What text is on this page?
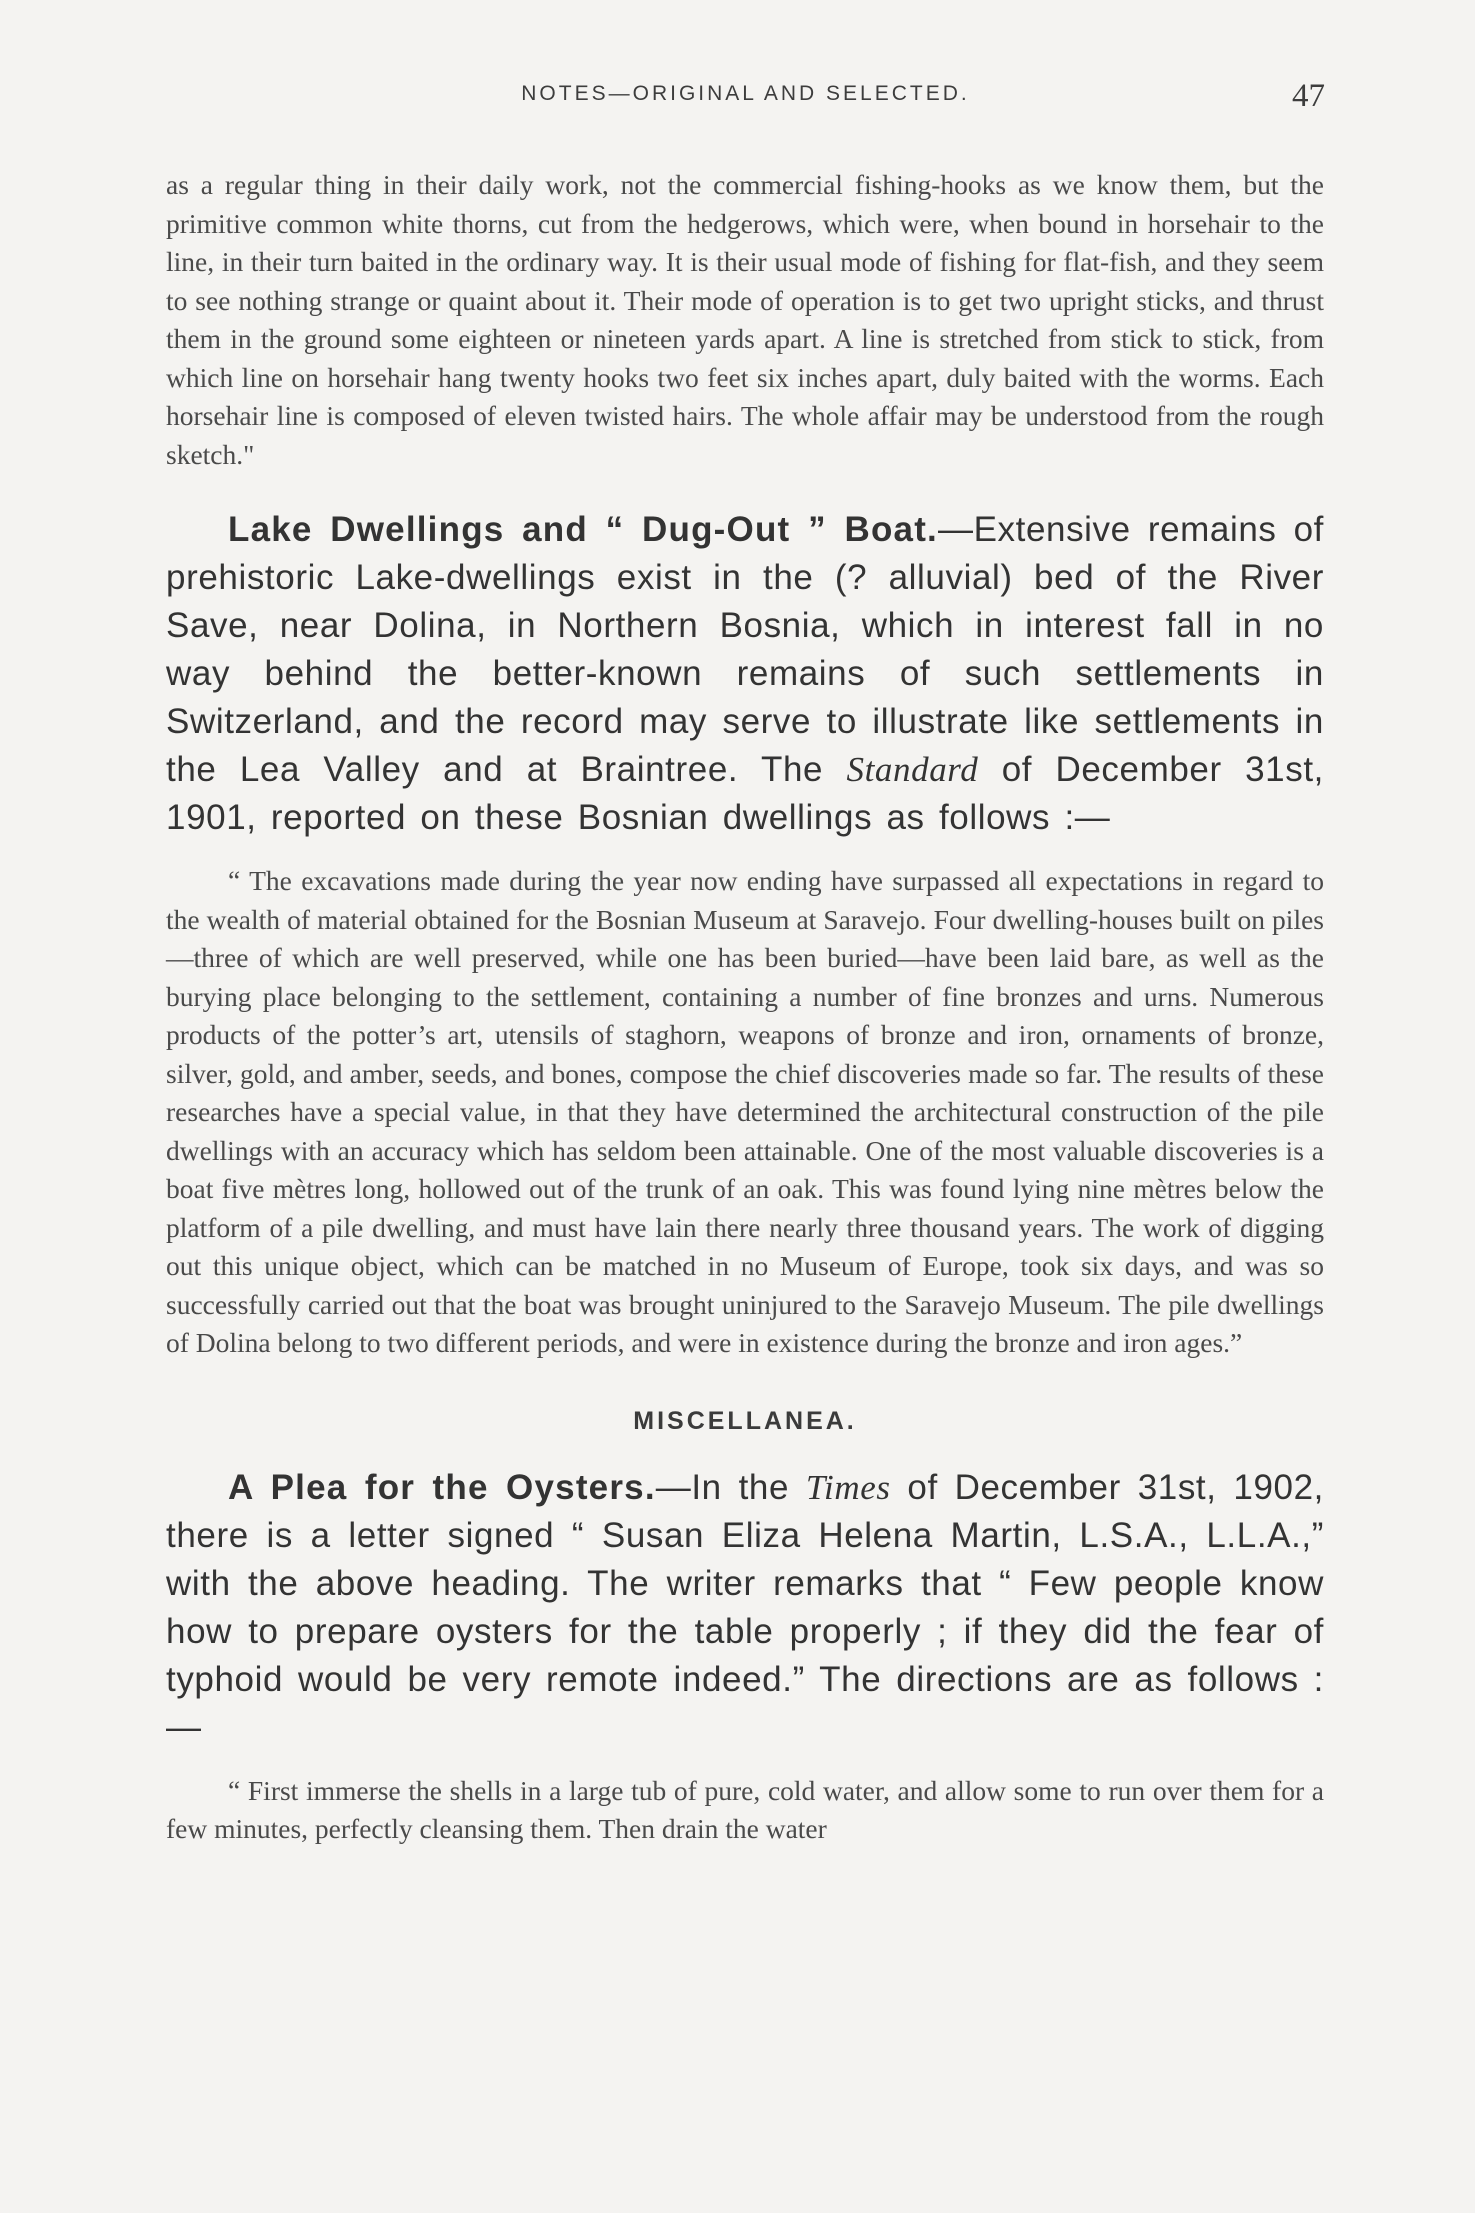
NOTES—ORIGINAL AND SELECTED.	47

as a regular thing in their daily work, not the commercial fishing-hooks as we know them, but the primitive common white thorns, cut from the hedgerows, which were, when bound in horsehair to the line, in their turn baited in the ordinary way. It is their usual mode of fishing for flat-fish, and they seem to see nothing strange or quaint about it. Their mode of operation is to get two upright sticks, and thrust them in the ground some eighteen or nineteen yards apart. A line is stretched from stick to stick, from which line on horsehair hang twenty hooks two feet six inches apart, duly baited with the worms. Each horsehair line is composed of eleven twisted hairs. The whole affair may be understood from the rough sketch."

Lake Dwellings and “ Dug-Out ” Boat.—Extensive remains of prehistoric Lake-dwellings exist in the (? alluvial) bed of the River Save, near Dolina, in Northern Bosnia, which in interest fall in no way behind the better-known remains of such settlements in Switzerland, and the record may serve to illustrate like settlements in the Lea Valley and at Braintree. The Standard of December 31st, 1901, reported on these Bosnian dwellings as follows :—

“ The excavations made during the year now ending have surpassed all expectations in regard to the wealth of material obtained for the Bosnian Museum at Saravejo. Four dwelling-houses built on piles—three of which are well preserved, while one has been buried—have been laid bare, as well as the burying place belonging to the settlement, containing a number of fine bronzes and urns. Numerous products of the potter’s art, utensils of staghorn, weapons of bronze and iron, ornaments of bronze, silver, gold, and amber, seeds, and bones, compose the chief discoveries made so far. The results of these researches have a special value, in that they have determined the architectural construction of the pile dwellings with an accuracy which has seldom been attainable. One of the most valuable discoveries is a boat five mètres long, hollowed out of the trunk of an oak. This was found lying nine mètres below the platform of a pile dwelling, and must have lain there nearly three thousand years. The work of digging out this unique object, which can be matched in no Museum of Europe, took six days, and was so successfully carried out that the boat was brought uninjured to the Saravejo Museum. The pile dwellings of Dolina belong to two different periods, and were in existence during the bronze and iron ages.”

MISCELLANEA.

A Plea for the Oysters.—In the Times of December 31st, 1902, there is a letter signed “ Susan Eliza Helena Martin, L.S.A., L.L.A.,” with the above heading. The writer remarks that “ Few people know how to prepare oysters for the table properly ; if they did the fear of typhoid would be very remote indeed.” The directions are as follows :—

“ First immerse the shells in a large tub of pure, cold water, and allow some to run over them for a few minutes, perfectly cleansing them. Then drain the water
